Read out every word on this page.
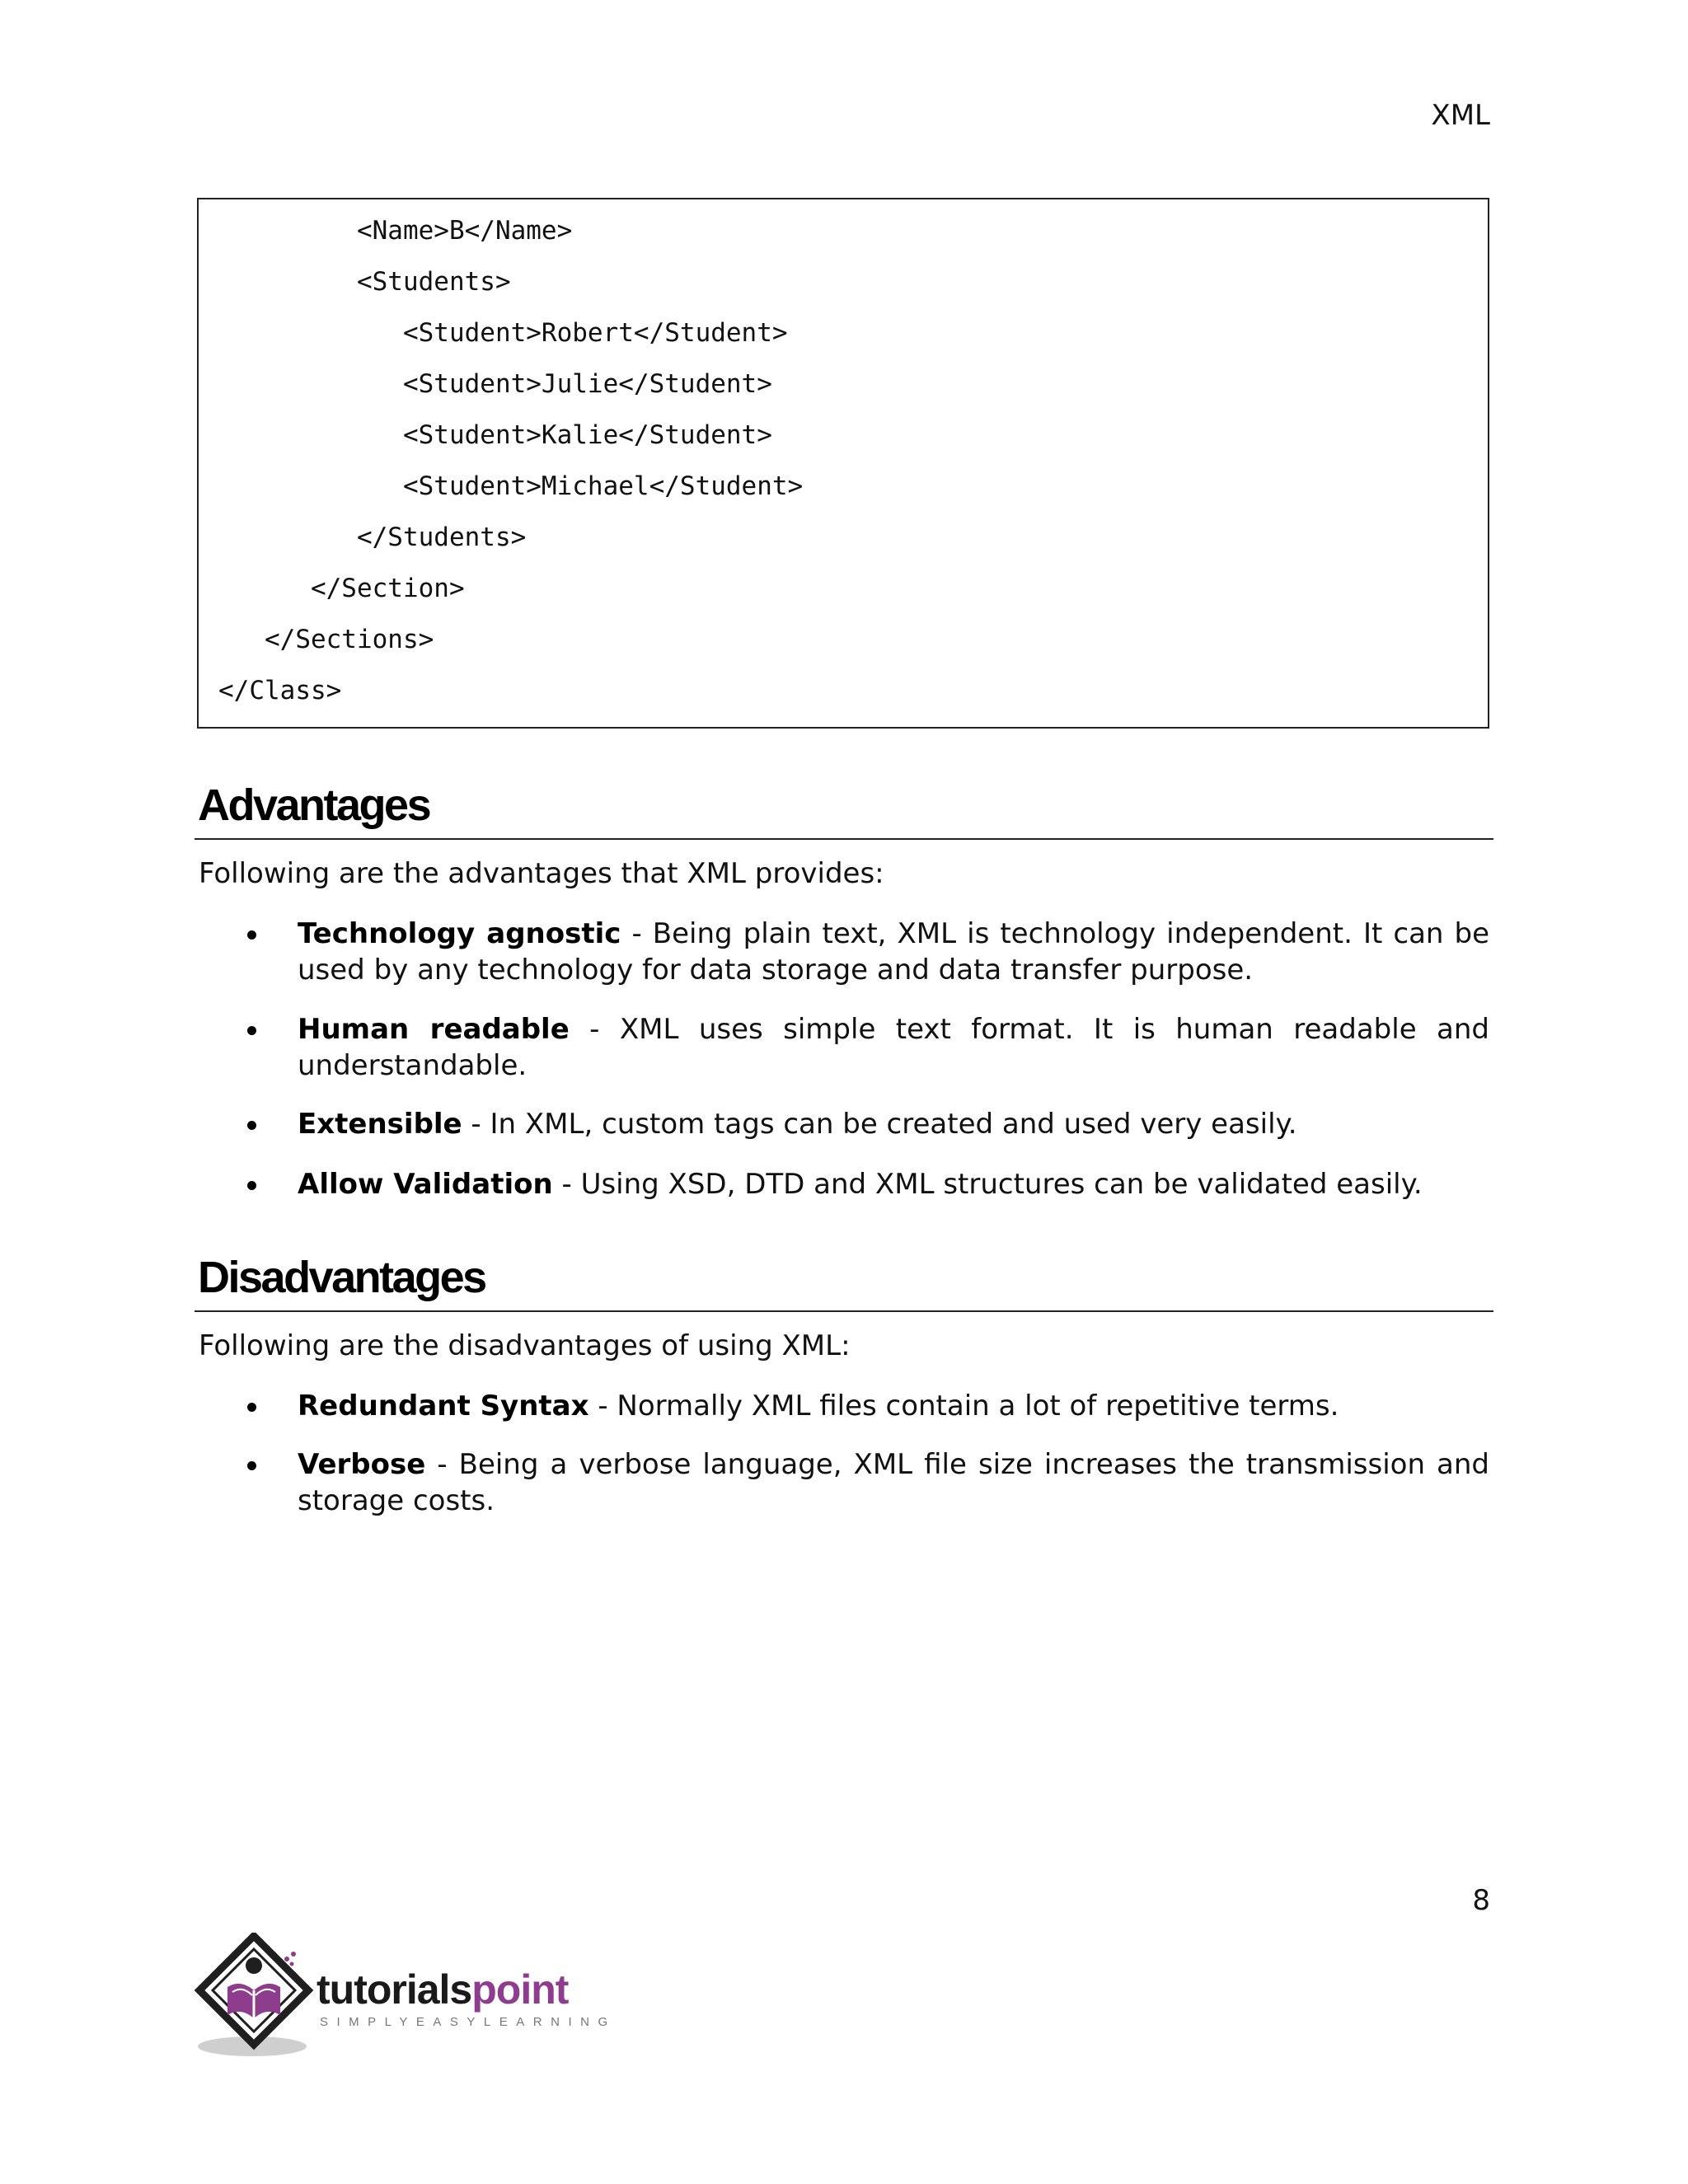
XML
<Name>B</Name>
<Students>
<Student>Robert</Student>
<Student>Julie</Student>
<Student>Kalie</Student>
<Student>Michael</Student>
</Students>
</Section>
</Sections>
</Class>
Advantages
Following are the advantages that XML provides:
Technology agnostic - Being plain text, XML is technology independent. It can be used by any technology for data storage and data transfer purpose.
Human readable - XML uses simple text format. It is human readable and understandable.
Extensible - In XML, custom tags can be created and used very easily.
Allow Validation - Using XSD, DTD and XML structures can be validated easily.
Disadvantages
Following are the disadvantages of using XML:
Redundant Syntax - Normally XML files contain a lot of repetitive terms.
Verbose - Being a verbose language, XML file size increases the transmission and storage costs.
8
tutorialspoint
SIMPLYEASYLEARNING
